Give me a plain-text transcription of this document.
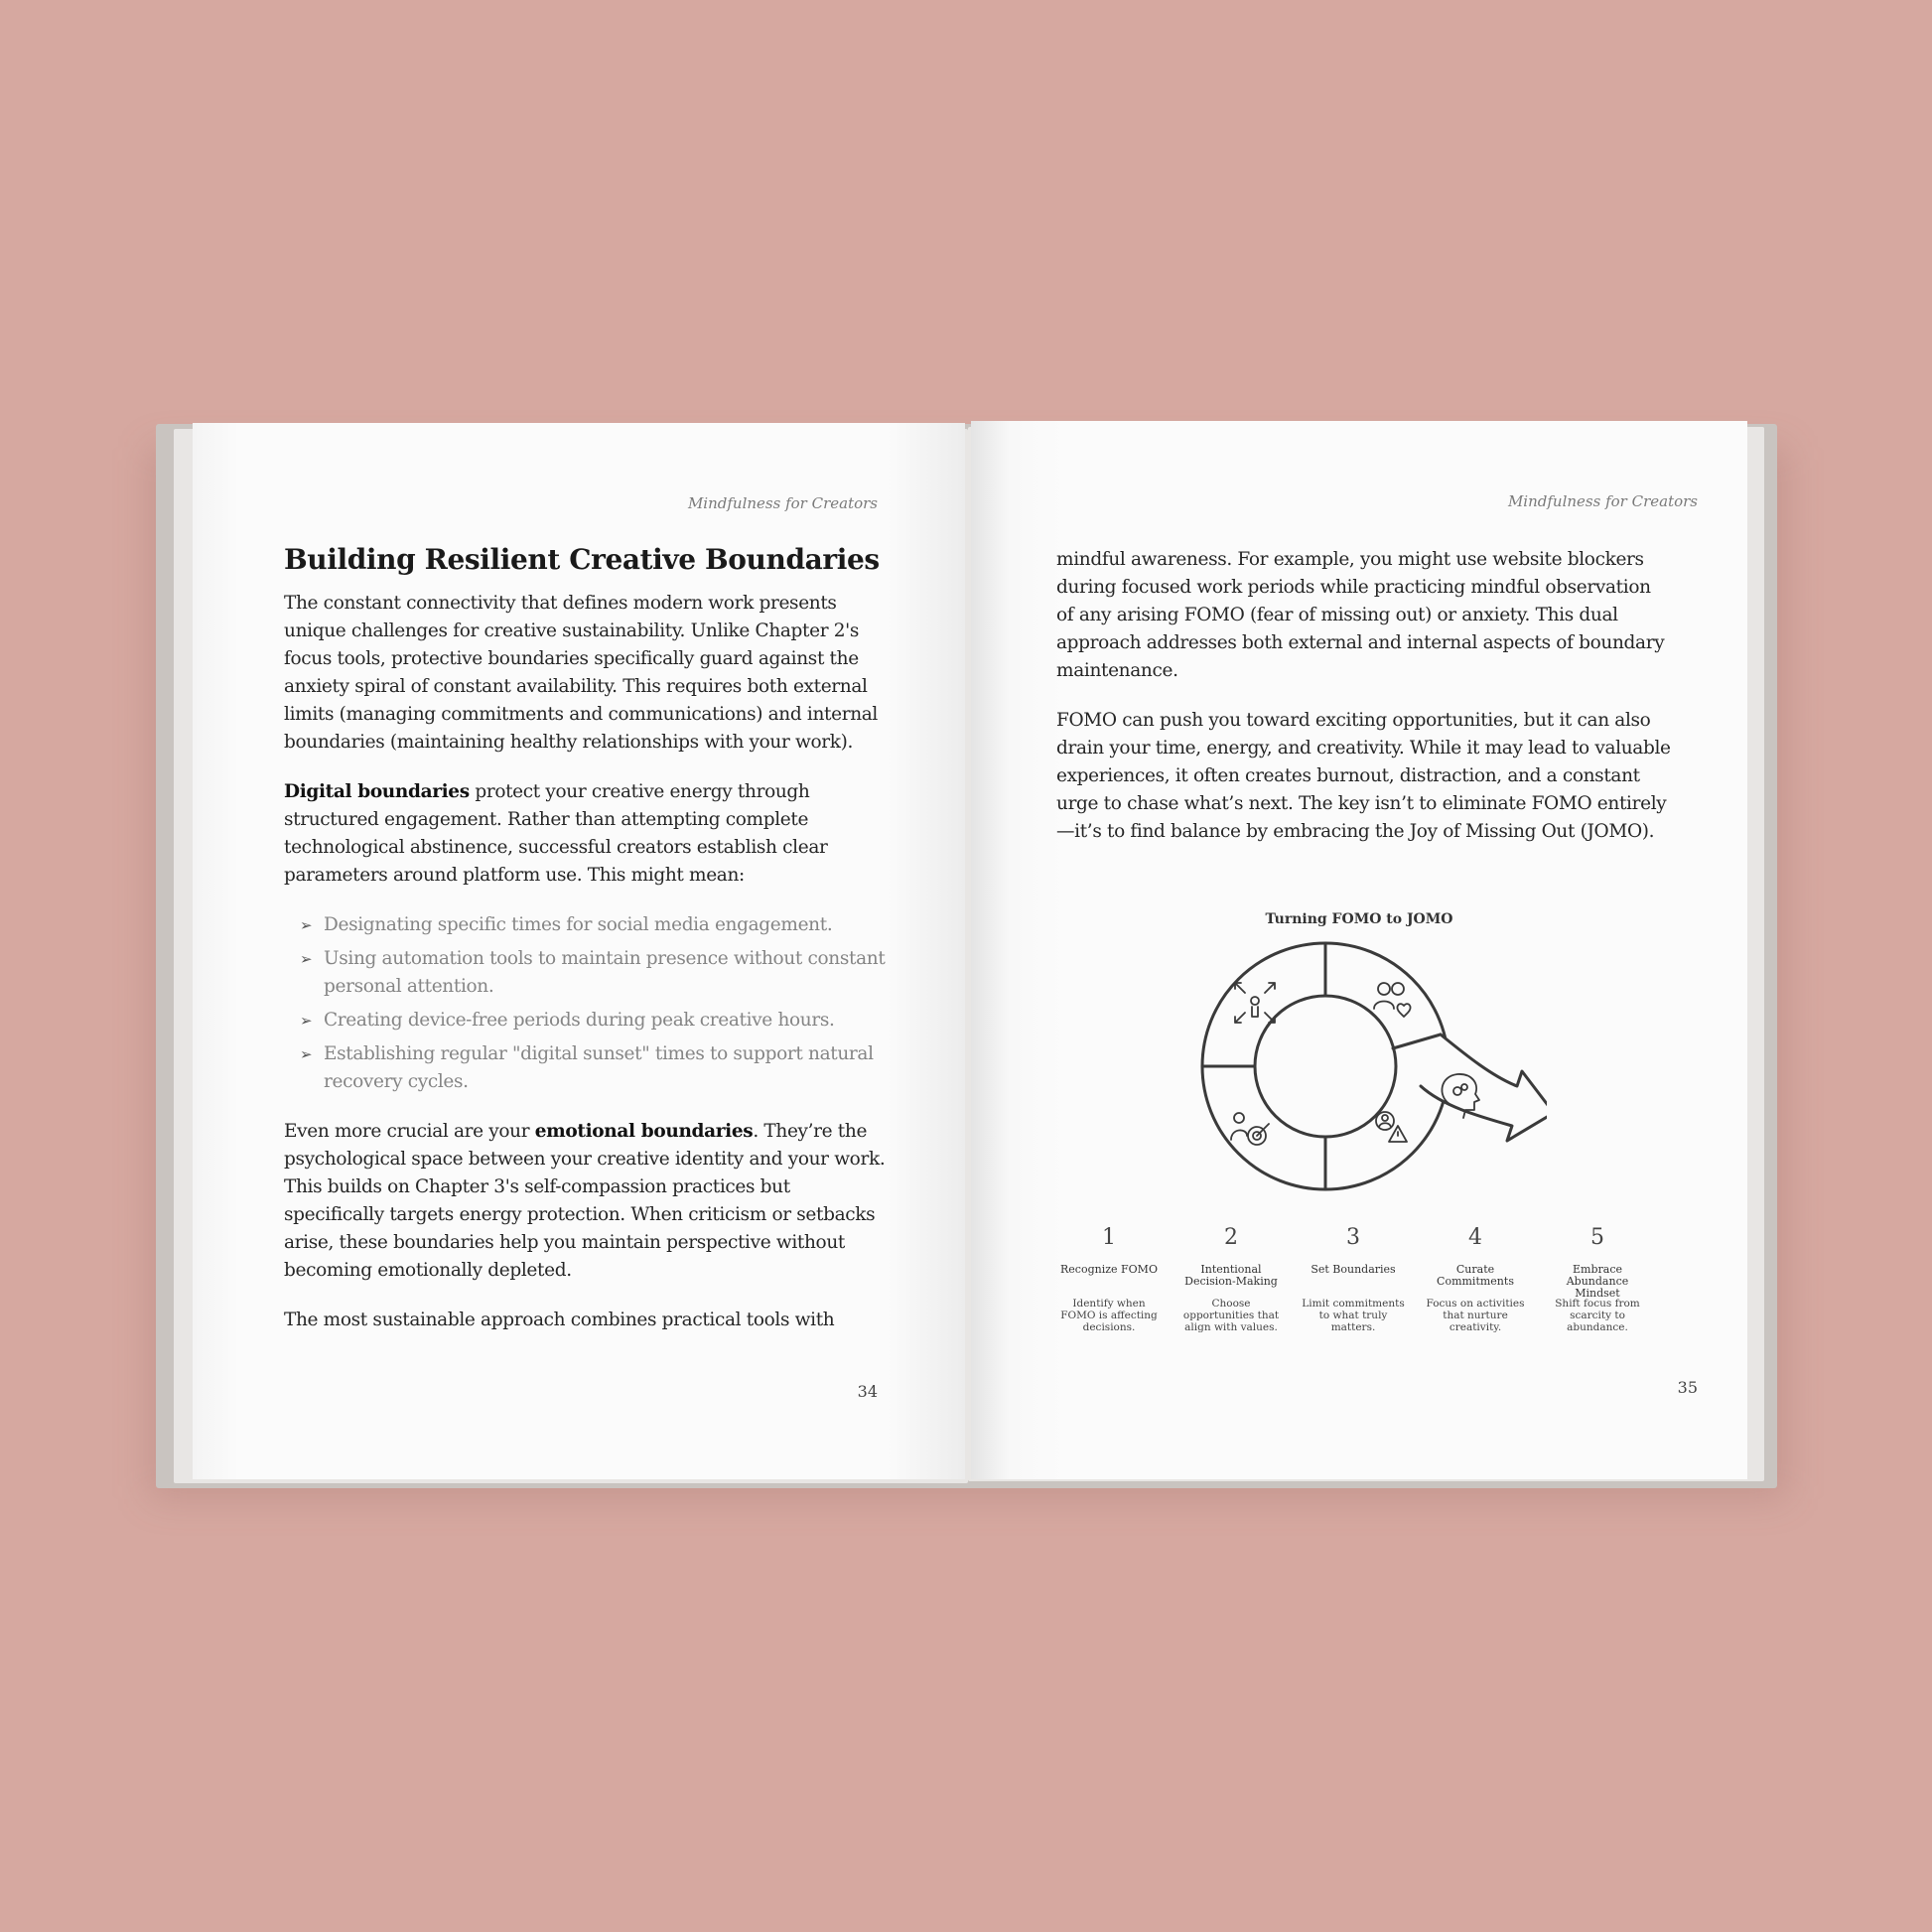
Mindfulness for Creators
Building Resilient Creative Boundaries

The constant connectivity that defines modern work presents unique challenges for creative sustainability. Unlike Chapter 2's focus tools, protective boundaries specifically guard against the anxiety spiral of constant availability. This requires both external limits (managing commitments and communications) and internal boundaries (maintaining healthy relationships with your work).

Digital boundaries protect your creative energy through structured engagement. Rather than attempting complete technological abstinence, successful creators establish clear parameters around platform use. This might mean:

➢ Designating specific times for social media engagement.
➢ Using automation tools to maintain presence without constant personal attention.
➢ Creating device-free periods during peak creative hours.
➢ Establishing regular "digital sunset" times to support natural recovery cycles.

Even more crucial are your emotional boundaries. They’re the psychological space between your creative identity and your work. This builds on Chapter 3's self-compassion practices but specifically targets energy protection. When criticism or setbacks arise, these boundaries help you maintain perspective without becoming emotionally depleted.

The most sustainable approach combines practical tools with

34
Mindfulness for Creators

mindful awareness. For example, you might use website blockers during focused work periods while practicing mindful observation of any arising FOMO (fear of missing out) or anxiety. This dual approach addresses both external and internal aspects of boundary maintenance.

FOMO can push you toward exciting opportunities, but it can also drain your time, energy, and creativity. While it may lead to valuable experiences, it often creates burnout, distraction, and a constant urge to chase what’s next. The key isn’t to eliminate FOMO entirely—it’s to find balance by embracing the Joy of Missing Out (JOMO).

Turning FOMO to JOMO
1
Recognize FOMO
Identify when FOMO is affecting decisions.
2
Intentional Decision-Making
Choose opportunities that align with values.
3
Set Boundaries
Limit commitments to what truly matters.
4
Curate Commitments
Focus on activities that nurture creativity.
5
Embrace Abundance Mindset
Shift focus from scarcity to abundance.
35
